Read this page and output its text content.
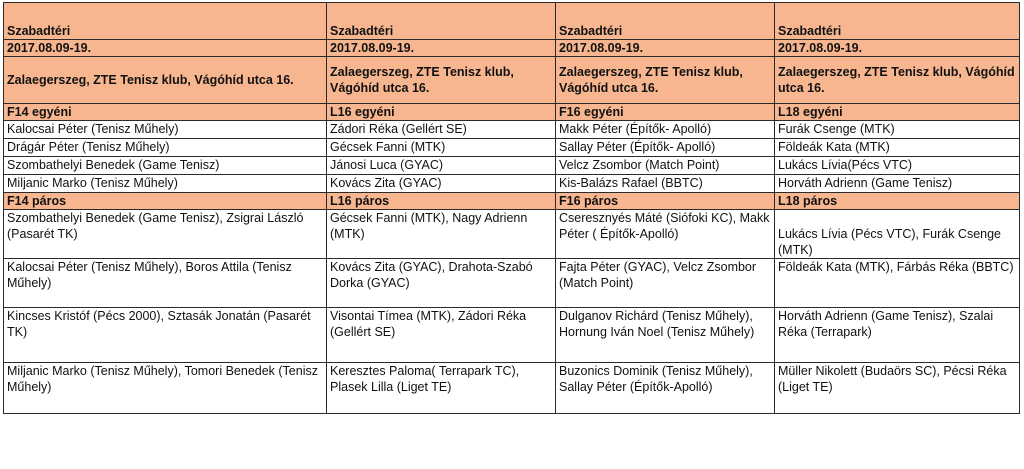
Szabadtéri	Szabadtéri	Szabadtéri	Szabadtéri
2017.08.09-19.	2017.08.09-19.	2017.08.09-19.	2017.08.09-19.
Zalaegerszeg, ZTE Tenisz klub, Vágóhíd utca 16.	Zalaegerszeg, ZTE Tenisz klub, Vágóhíd utca 16.	Zalaegerszeg, ZTE Tenisz klub, Vágóhíd utca 16.	Zalaegerszeg, ZTE Tenisz klub, Vágóhíd utca 16.
F14 egyéni	L16 egyéni	F16 egyéni	L18 egyéni
Kalocsai Péter (Tenisz Műhely)	Zádori Réka (Gellért SE)	Makk Péter (Építők- Apolló)	Furák Csenge (MTK)
Drágár Péter (Tenisz Műhely)	Gécsek Fanni (MTK)	Sallay Péter (Építők- Apolló)	Földeák Kata (MTK)
Szombathelyi Benedek (Game Tenisz)	Jánosi Luca (GYAC)	Velcz Zsombor (Match Point)	Lukács Lívia(Pécs VTC)
Miljanic Marko (Tenisz Műhely)	Kovács Zita (GYAC)	Kis-Balázs Rafael (BBTC)	Horváth Adrienn (Game Tenisz)
F14 páros	L16 páros	F16 páros	L18 páros
Szombathelyi Benedek (Game Tenisz), Zsigrai László (Pasarét TK)	Gécsek Fanni (MTK), Nagy Adrienn (MTK)	Cseresznyés Máté (Siófoki KC), Makk Péter ( Építők-Apolló)	Lukács Lívia (Pécs VTC), Furák Csenge (MTK)
Kalocsai Péter (Tenisz Műhely), Boros Attila (Tenisz Műhely)	Kovács Zita (GYAC), Drahota-Szabó Dorka (GYAC)	Fajta Péter (GYAC), Velcz Zsombor (Match Point)	Földeák Kata (MTK), Fárbás Réka (BBTC)
Kincses Kristóf (Pécs 2000), Sztasák Jonatán (Pasarét TK)	Visontai Tímea (MTK), Zádori Réka (Gellért SE)	Dulganov Richárd (Tenisz Műhely), Hornung Iván Noel (Tenisz Műhely)	Horváth Adrienn (Game Tenisz), Szalai Réka (Terrapark)
Miljanic Marko (Tenisz Műhely), Tomori Benedek (Tenisz Műhely)	Keresztes Paloma( Terrapark TC), Plasek Lilla (Liget TE)	Buzonics Dominik (Tenisz Műhely), Sallay Péter (Építők-Apolló)	Müller Nikolett (Budaörs SC), Pécsi Réka (Liget TE)
